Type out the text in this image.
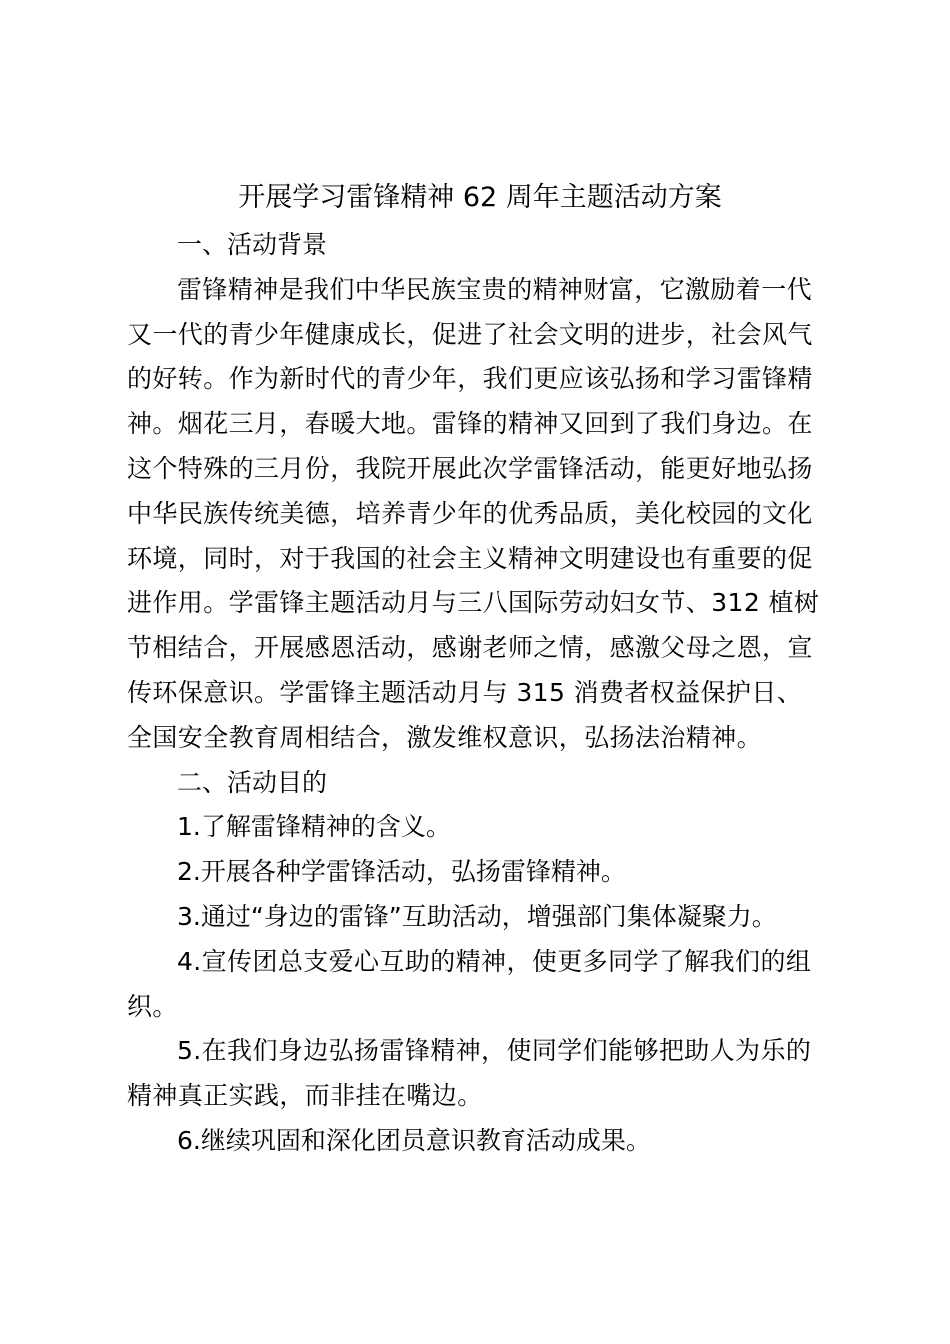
开展学习雷锋精神 62 周年主题活动方案

一、活动背景

雷锋精神是我们中华民族宝贵的精神财富，它激励着一代又一代的青少年健康成长，促进了社会文明的进步，社会风气的好转。作为新时代的青少年，我们更应该弘扬和学习雷锋精神。烟花三月，春暖大地。雷锋的精神又回到了我们身边。在这个特殊的三月份，我院开展此次学雷锋活动，能更好地弘扬中华民族传统美德，培养青少年的优秀品质，美化校园的文化环境，同时，对于我国的社会主义精神文明建设也有重要的促进作用。学雷锋主题活动月与三八国际劳动妇女节、312 植树节相结合，开展感恩活动，感谢老师之情，感激父母之恩，宣传环保意识。学雷锋主题活动月与 315 消费者权益保护日、全国安全教育周相结合，激发维权意识，弘扬法治精神。

二、活动目的

1.了解雷锋精神的含义。

2.开展各种学雷锋活动，弘扬雷锋精神。

3.通过“身边的雷锋”互助活动，增强部门集体凝聚力。

4.宣传团总支爱心互助的精神，使更多同学了解我们的组织。

5.在我们身边弘扬雷锋精神，使同学们能够把助人为乐的精神真正实践，而非挂在嘴边。

6.继续巩固和深化团员意识教育活动成果。
